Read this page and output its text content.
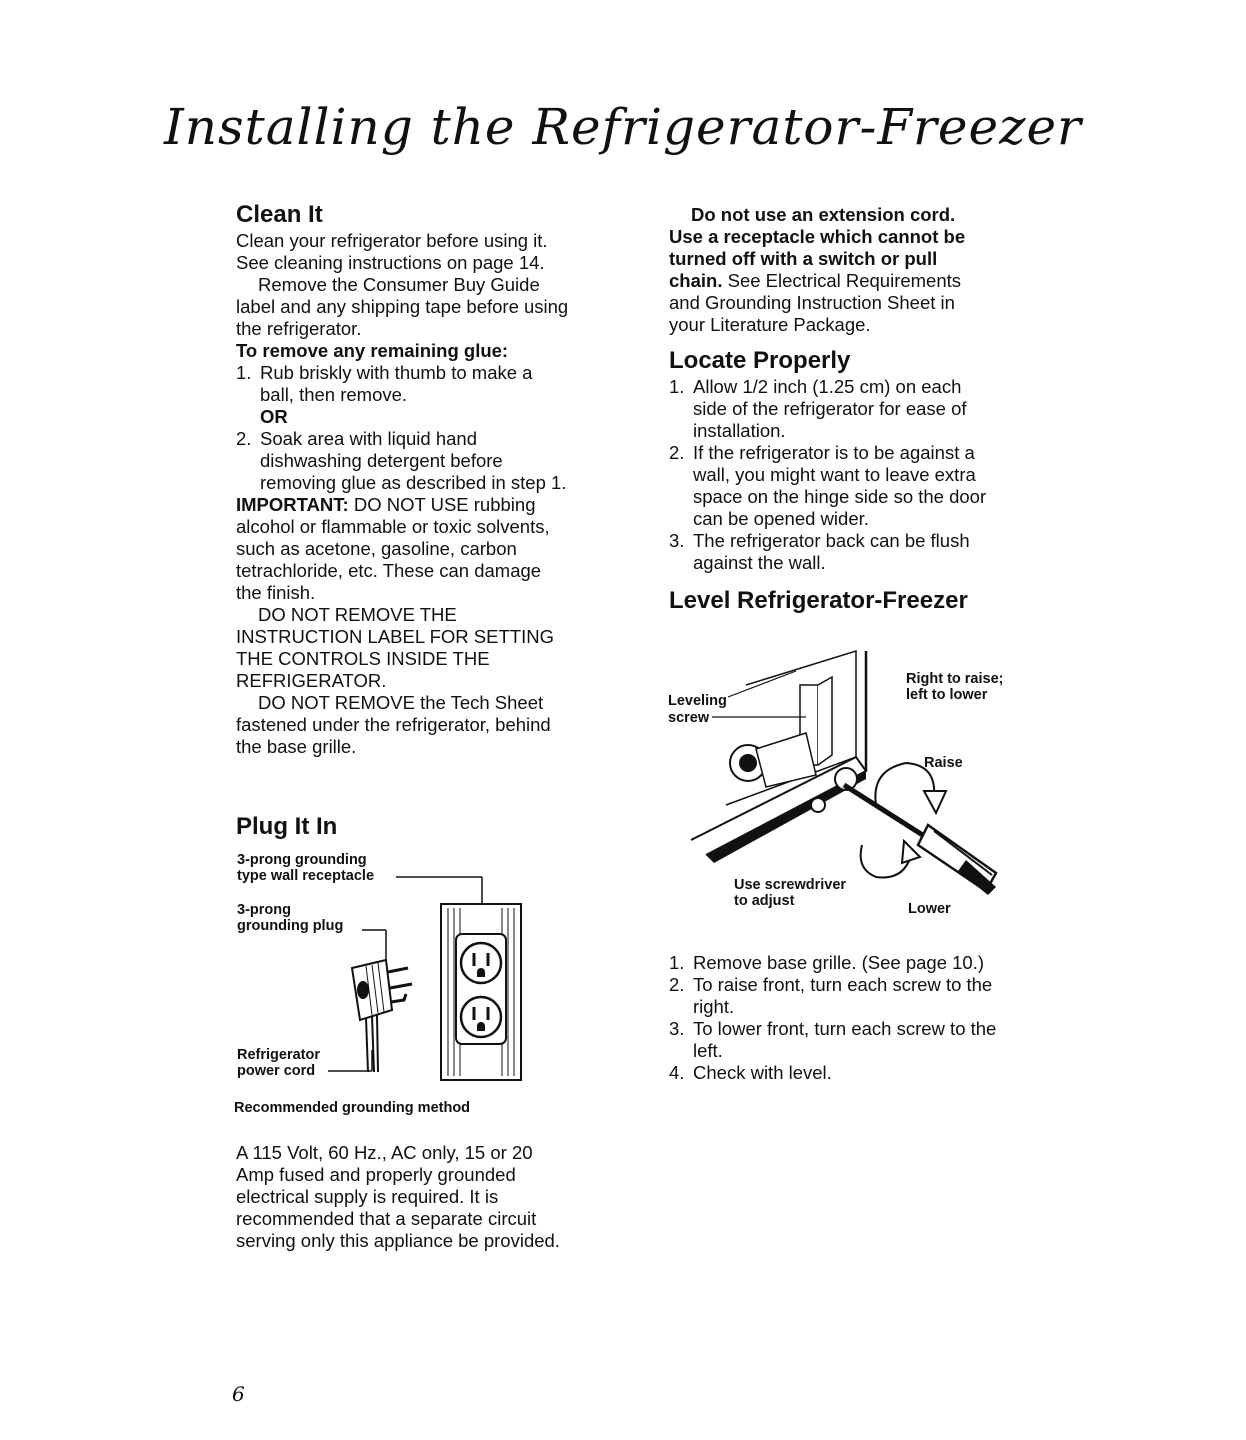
Installing the Refrigerator-Freezer
Clean It

Clean your refrigerator before using it. See cleaning instructions on page 14.

Remove the Consumer Buy Guide label and any shipping tape before using the refrigerator.

To remove any remaining glue:

1. Rub briskly with thumb to make a ball, then remove.
OR
2. Soak area with liquid hand dishwashing detergent before removing glue as described in step 1.

IMPORTANT: DO NOT USE rubbing alcohol or flammable or toxic solvents, such as acetone, gasoline, carbon tetrachloride, etc. These can damage the finish.

DO NOT REMOVE THE INSTRUCTION LABEL FOR SETTING THE CONTROLS INSIDE THE REFRIGERATOR.

DO NOT REMOVE the Tech Sheet fastened under the refrigerator, behind the base grille.

Plug It In
3-prong grounding
type wall receptacle
3-prong
grounding plug
Refrigerator
power cord
Recommended grounding method

A 115 Volt, 60 Hz., AC only, 15 or 20 Amp fused and properly grounded electrical supply is required. It is recommended that a separate circuit serving only this appliance be provided.

Do not use an extension cord. Use a receptacle which cannot be turned off with a switch or pull chain. See Electrical Requirements and Grounding Instruction Sheet in your Literature Package.

Locate Properly
1. Allow 1/2 inch (1.25 cm) on each side of the refrigerator for ease of installation.
2. If the refrigerator is to be against a wall, you might want to leave extra space on the hinge side so the door can be opened wider.
3. The refrigerator back can be flush against the wall.
Level Refrigerator-Freezer
Leveling
screw
Right to raise;
left to lower
Raise
Use screwdriver
to adjust	Lower
1. Remove base grille. (See page 10.)
2. To raise front, turn each screw to the right.
3. To lower front, turn each screw to the left.
4. Check with level.
6
